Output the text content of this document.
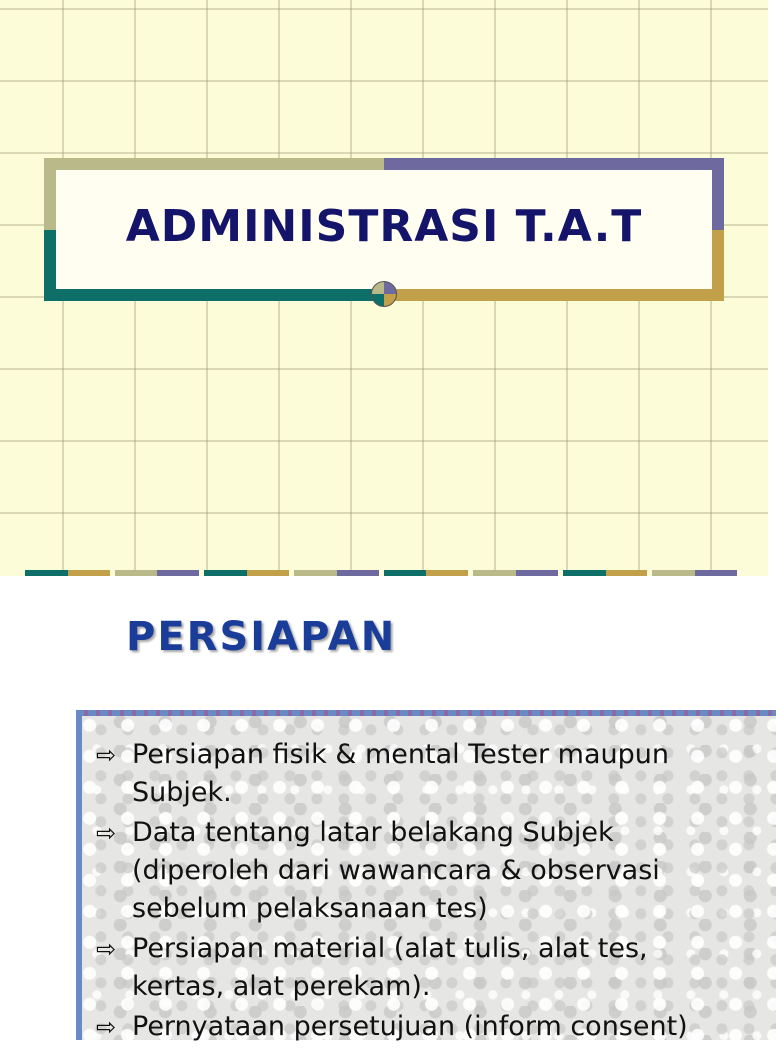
ADMINISTRASI T.A.T
PERSIAPAN
⇨ Persiapan fisik & mental Tester maupun Subjek.
⇨ Data tentang latar belakang Subjek (diperoleh dari wawancara & observasi sebelum pelaksanaan tes)
⇨ Persiapan material (alat tulis, alat tes, kertas, alat perekam).
⇨ Pernyataan persetujuan (inform consent)
